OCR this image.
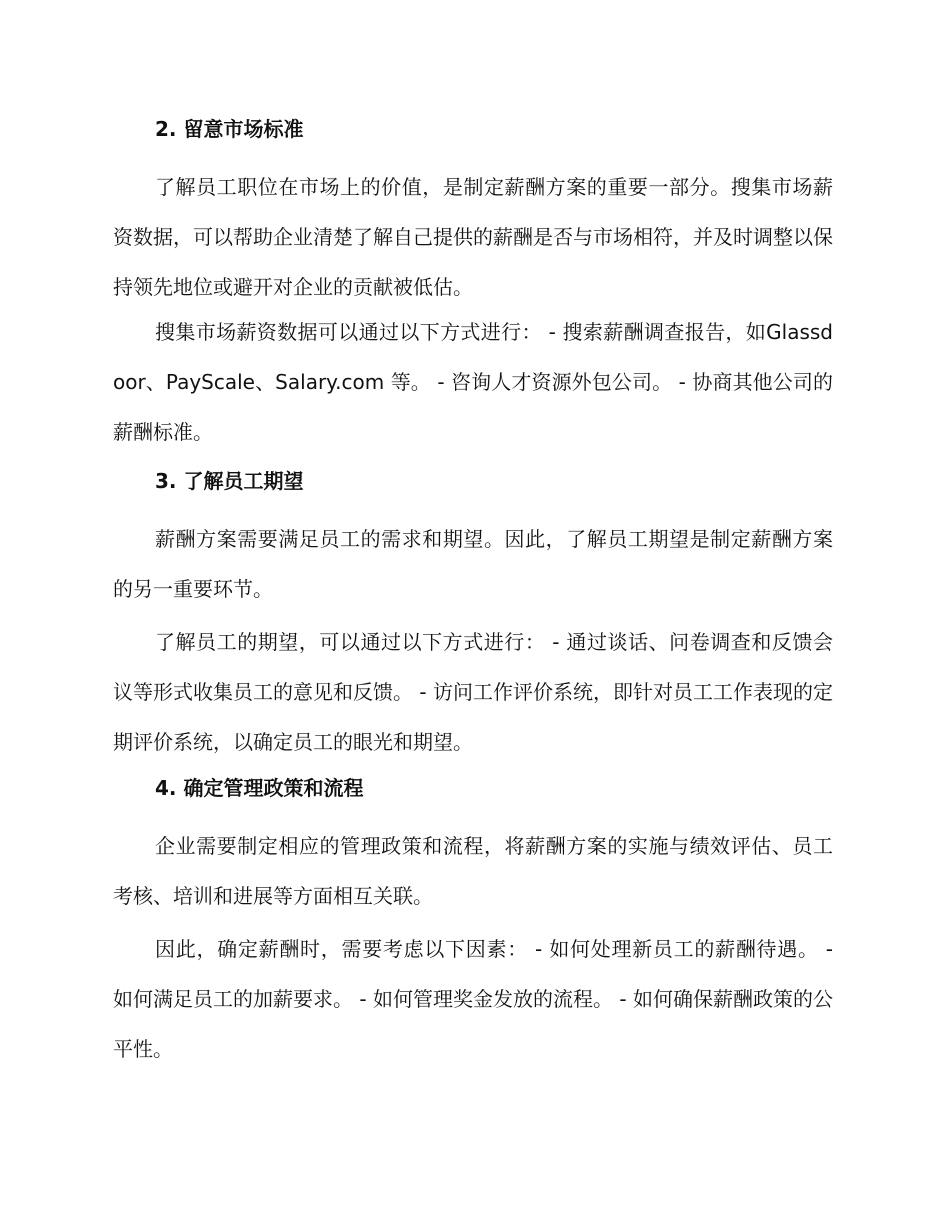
2. 留意市场标准

了解员工职位在市场上的价值，是制定薪酬方案的重要一部分。搜集市场薪资数据，可以帮助企业清楚了解自己提供的薪酬是否与市场相符，并及时调整以保持领先地位或避开对企业的贡献被低估。

搜集市场薪资数据可以通过以下方式进行： - 搜索薪酬调查报告，如Glassdoor、PayScale、Salary.com 等。 - 咨询人才资源外包公司。 - 协商其他公司的薪酬标准。

3. 了解员工期望

薪酬方案需要满足员工的需求和期望。因此，了解员工期望是制定薪酬方案的另一重要环节。

了解员工的期望，可以通过以下方式进行： - 通过谈话、问卷调查和反馈会议等形式收集员工的意见和反馈。 - 访问工作评价系统，即针对员工工作表现的定期评价系统，以确定员工的眼光和期望。

4. 确定管理政策和流程

企业需要制定相应的管理政策和流程，将薪酬方案的实施与绩效评估、员工考核、培训和进展等方面相互关联。

因此，确定薪酬时，需要考虑以下因素： - 如何处理新员工的薪酬待遇。 - 如何满足员工的加薪要求。 - 如何管理奖金发放的流程。 - 如何确保薪酬政策的公平性。
